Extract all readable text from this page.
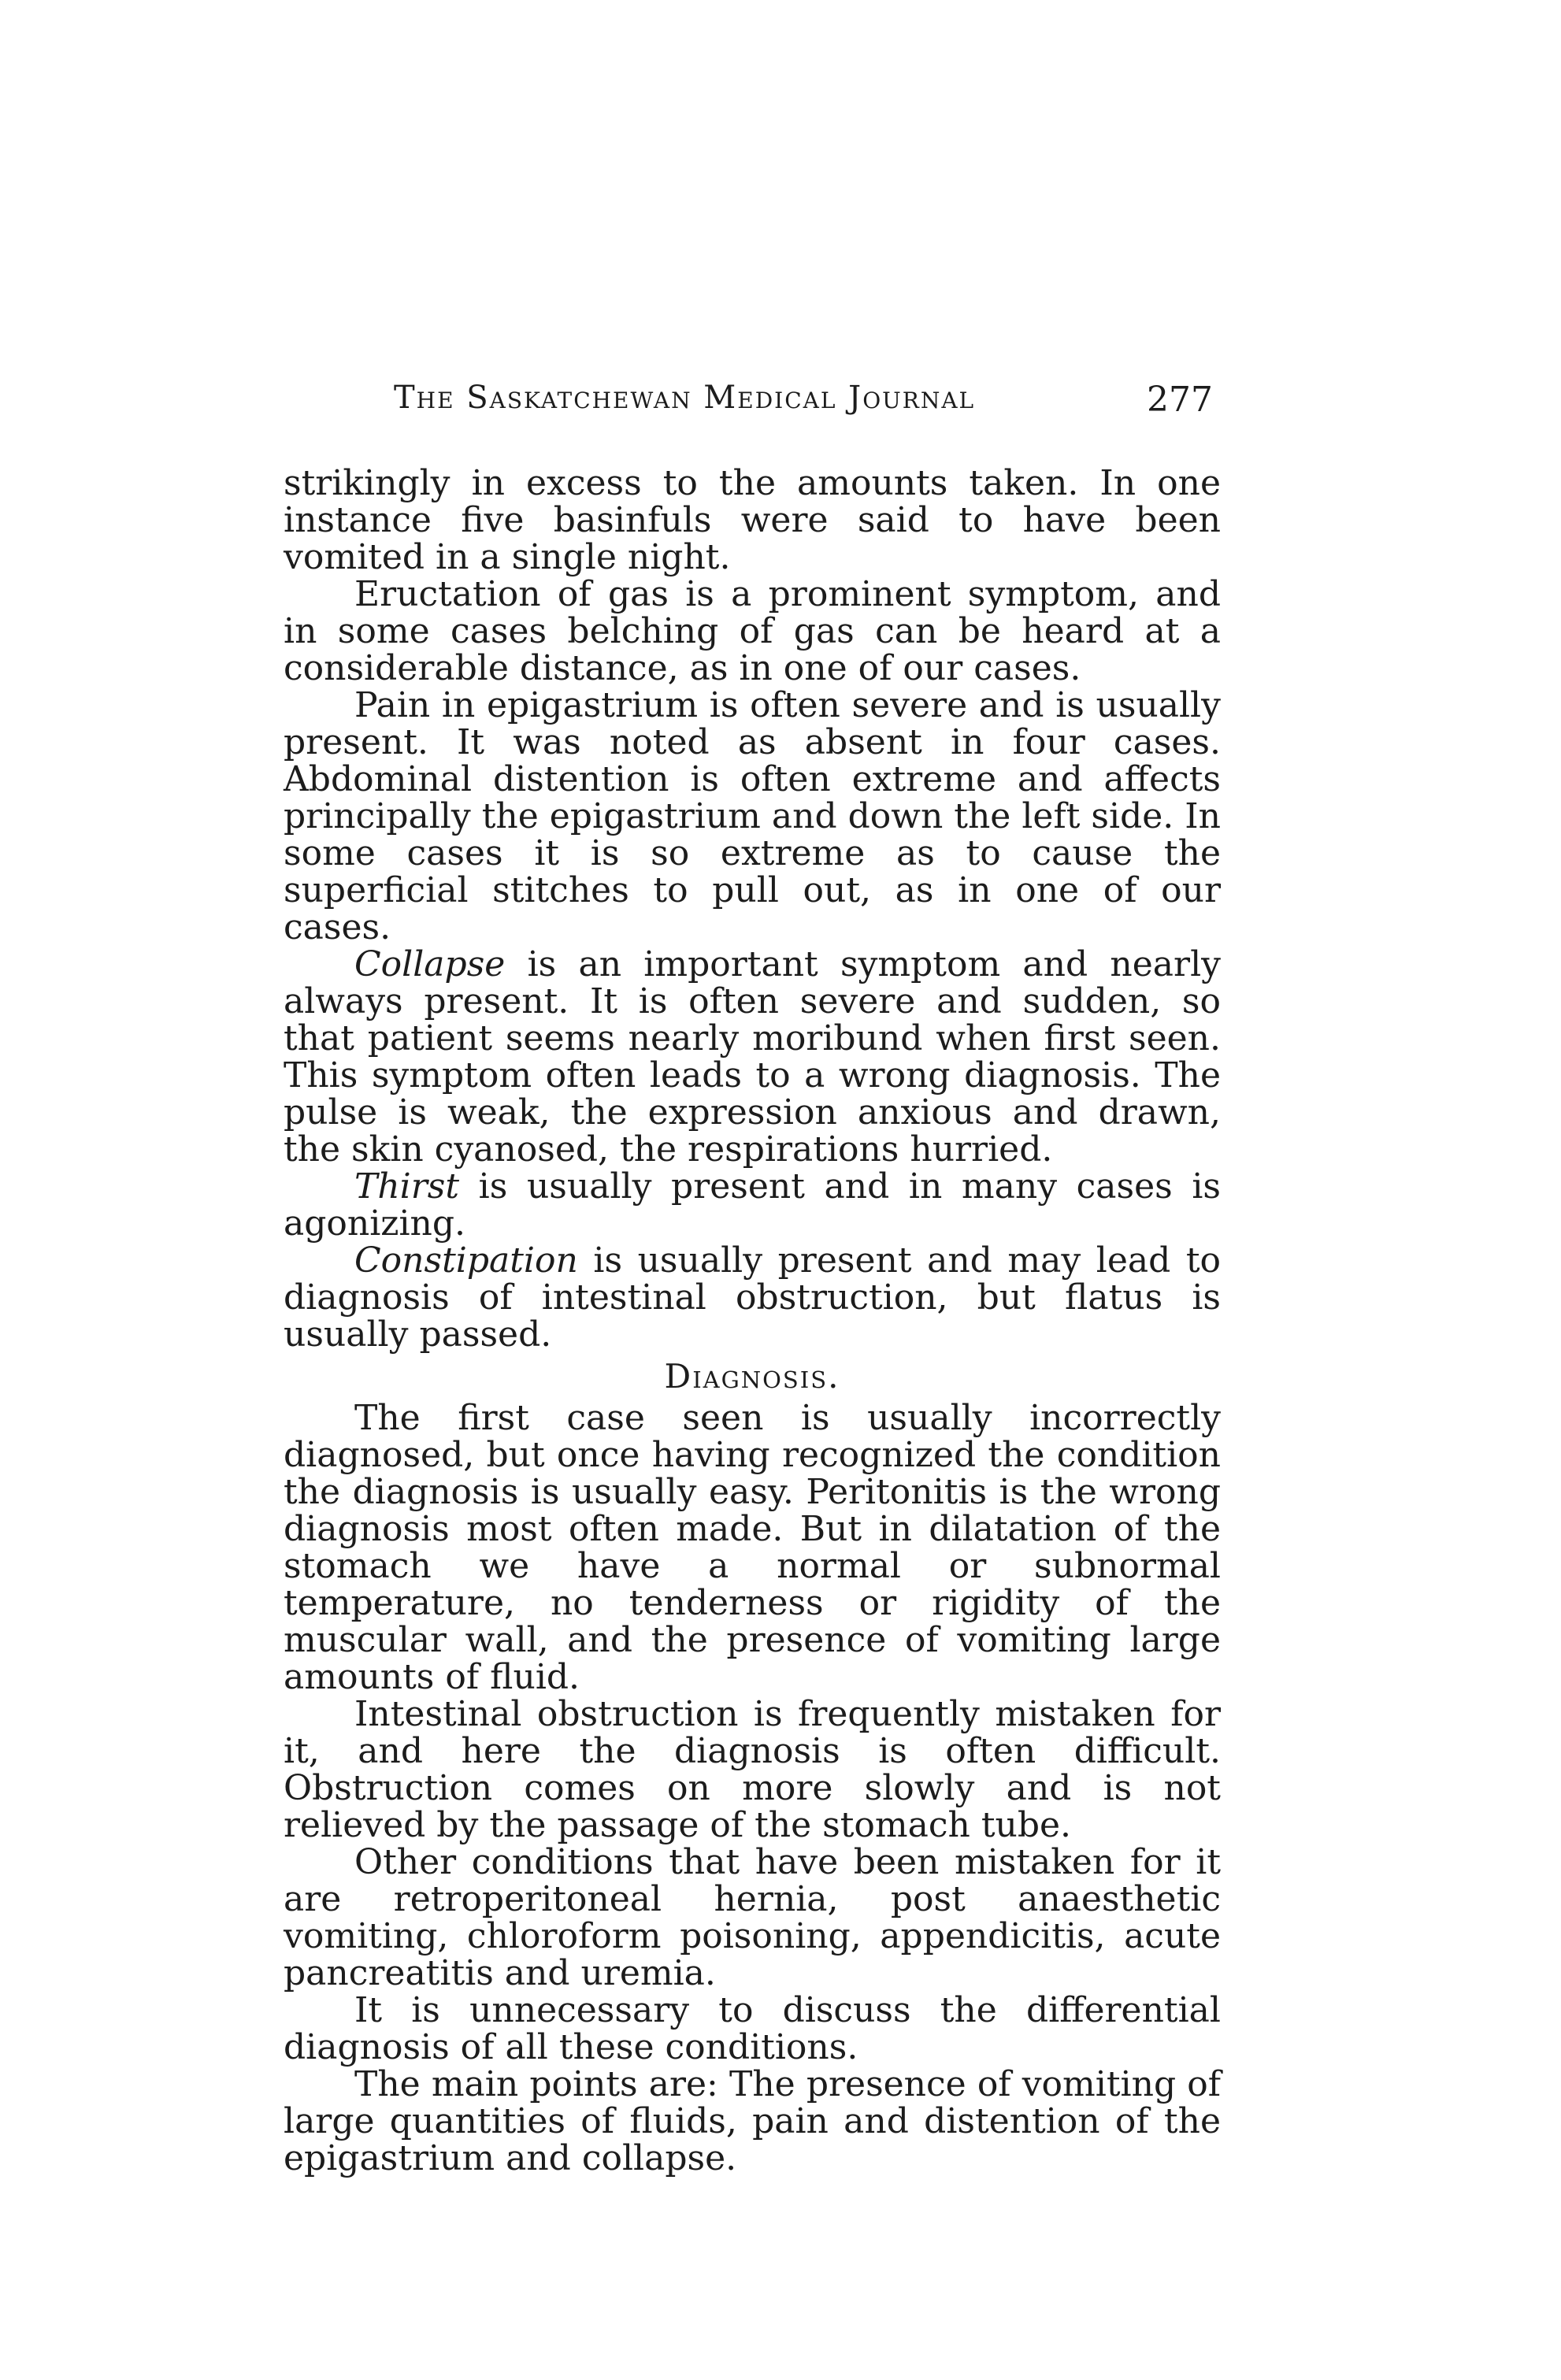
The Saskatchewan Medical Journal	277

strikingly in excess to the amounts taken. In one instance five basinfuls were said to have been vomited in a single night.

Eructation of gas is a prominent symptom, and in some cases belching of gas can be heard at a considerable distance, as in one of our cases.

Pain in epigastrium is often severe and is usually present. It was noted as absent in four cases. Abdominal distention is often extreme and affects principally the epigastrium and down the left side. In some cases it is so extreme as to cause the superficial stitches to pull out, as in one of our cases.

Collapse is an important symptom and nearly always present. It is often severe and sudden, so that patient seems nearly moribund when first seen. This symptom often leads to a wrong diagnosis. The pulse is weak, the expression anxious and drawn, the skin cyanosed, the respirations hurried.

Thirst is usually present and in many cases is agonizing.

Constipation is usually present and may lead to diagnosis of intestinal obstruction, but flatus is usually passed.

Diagnosis.

The first case seen is usually incorrectly diagnosed, but once having recognized the condition the diagnosis is usually easy. Peritonitis is the wrong diagnosis most often made. But in dilatation of the stomach we have a normal or subnormal temperature, no tenderness or rigidity of the muscular wall, and the presence of vomiting large amounts of fluid.

Intestinal obstruction is frequently mistaken for it, and here the diagnosis is often difficult. Obstruction comes on more slowly and is not relieved by the passage of the stomach tube.

Other conditions that have been mistaken for it are retroperitoneal hernia, post anaesthetic vomiting, chloroform poisoning, appendicitis, acute pancreatitis and uremia.

It is unnecessary to discuss the differential diagnosis of all these conditions.

The main points are: The presence of vomiting of large quantities of fluids, pain and distention of the epigastrium and collapse.
